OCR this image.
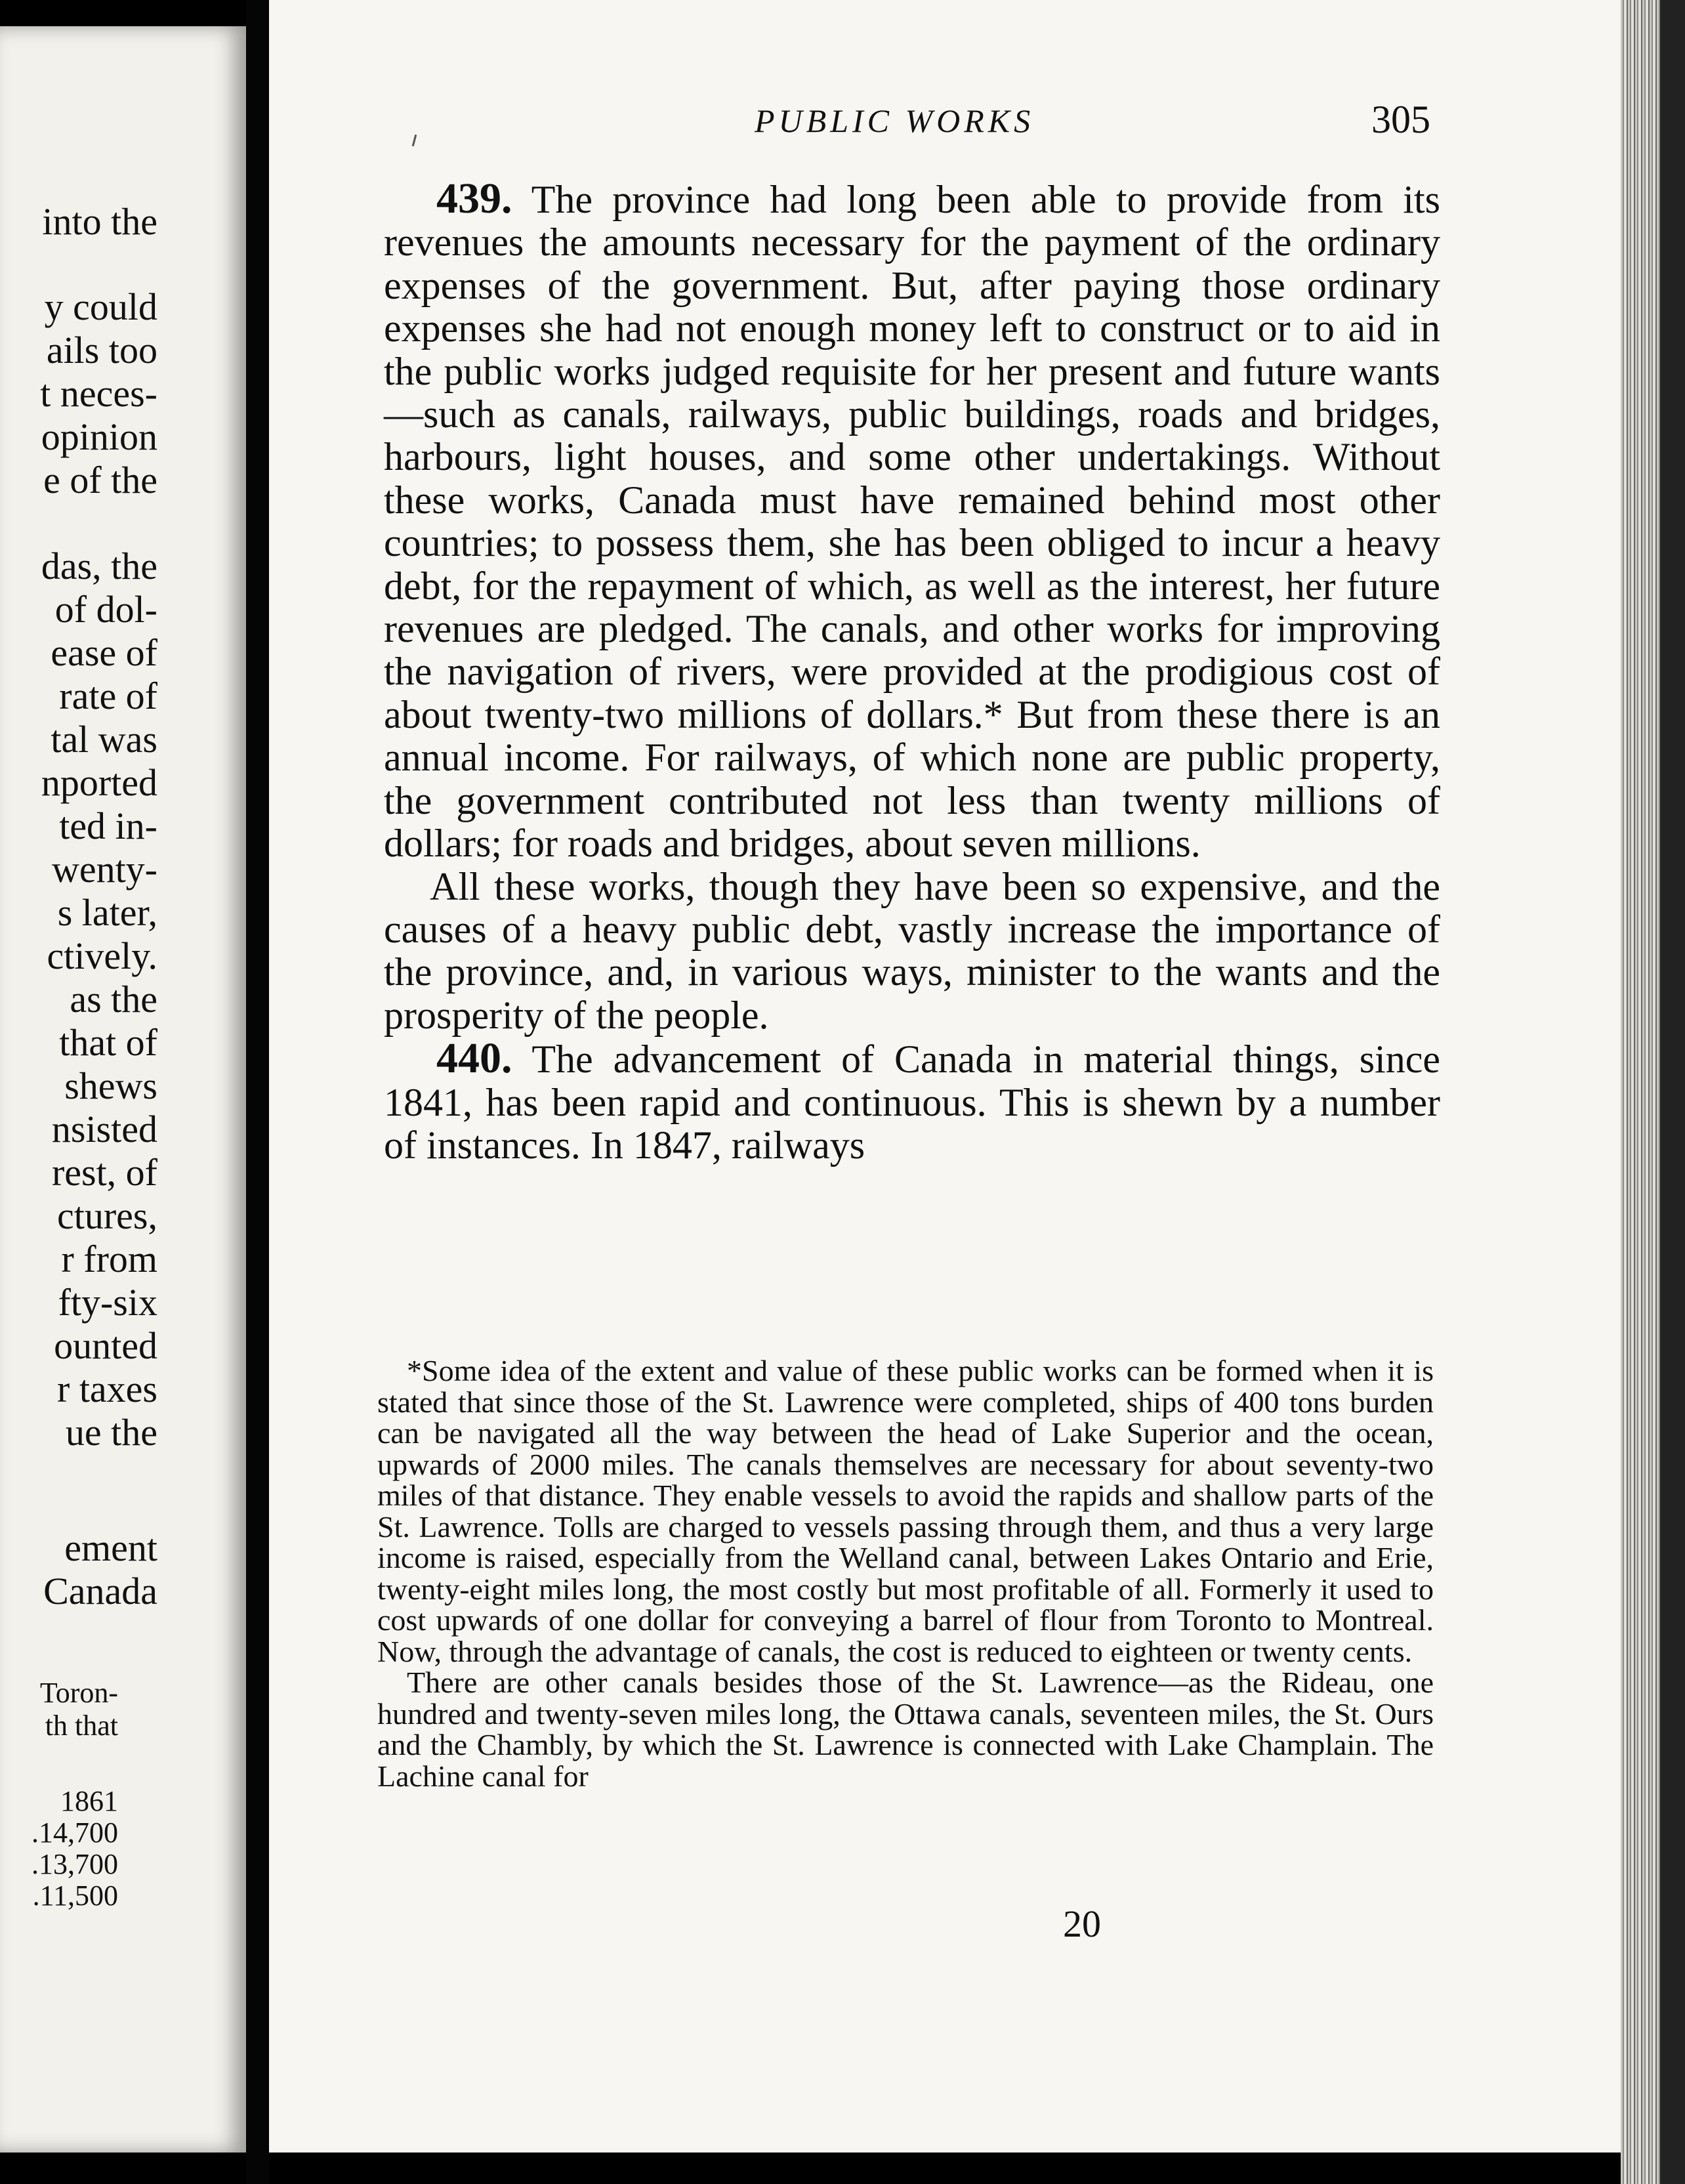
into the
y could
ails too
t neces-
opinion
e of the
das, the
of dol-
ease of
rate of
tal was
nported
ted in-
wenty-
s later,
ctively.
as the
that of
shews
nsisted
rest, of
ctures,
r from
fty-six
ounted
r taxes
ue the
ement
Canada
Toron-
th that
1861
.14,700
.13,700
.11,500
PUBLIC WORKS	305

439. The province had long been able to provide from its revenues the amounts necessary for the payment of the ordinary expenses of the government. But, after paying those ordinary expenses she had not enough money left to construct or to aid in the public works judged requisite for her present and future wants—such as canals, railways, public buildings, roads and bridges, harbours, light houses, and some other undertakings. Without these works, Canada must have remained behind most other countries; to possess them, she has been obliged to incur a heavy debt, for the repayment of which, as well as the interest, her future revenues are pledged. The canals, and other works for improving the navigation of rivers, were provided at the prodigious cost of about twenty-two millions of dollars.* But from these there is an annual income. For railways, of which none are public property, the government contributed not less than twenty millions of dollars; for roads and bridges, about seven millions.

All these works, though they have been so expensive, and the causes of a heavy public debt, vastly increase the importance of the province, and, in various ways, minister to the wants and the prosperity of the people.

440. The advancement of Canada in material things, since 1841, has been rapid and continuous. This is shewn by a number of instances. In 1847, railways

*Some idea of the extent and value of these public works can be formed when it is stated that since those of the St. Lawrence were completed, ships of 400 tons burden can be navigated all the way between the head of Lake Superior and the ocean, upwards of 2000 miles. The canals themselves are necessary for about seventy-two miles of that distance. They enable vessels to avoid the rapids and shallow parts of the St. Lawrence. Tolls are charged to vessels passing through them, and thus a very large income is raised, especially from the Welland canal, between Lakes Ontario and Erie, twenty-eight miles long, the most costly but most profitable of all. Formerly it used to cost upwards of one dollar for conveying a barrel of flour from Toronto to Montreal. Now, through the advantage of canals, the cost is reduced to eighteen or twenty cents.

There are other canals besides those of the St. Lawrence—as the Rideau, one hundred and twenty-seven miles long, the Ottawa canals, seventeen miles, the St. Ours and the Chambly, by which the St. Lawrence is connected with Lake Champlain. The Lachine canal for

20
